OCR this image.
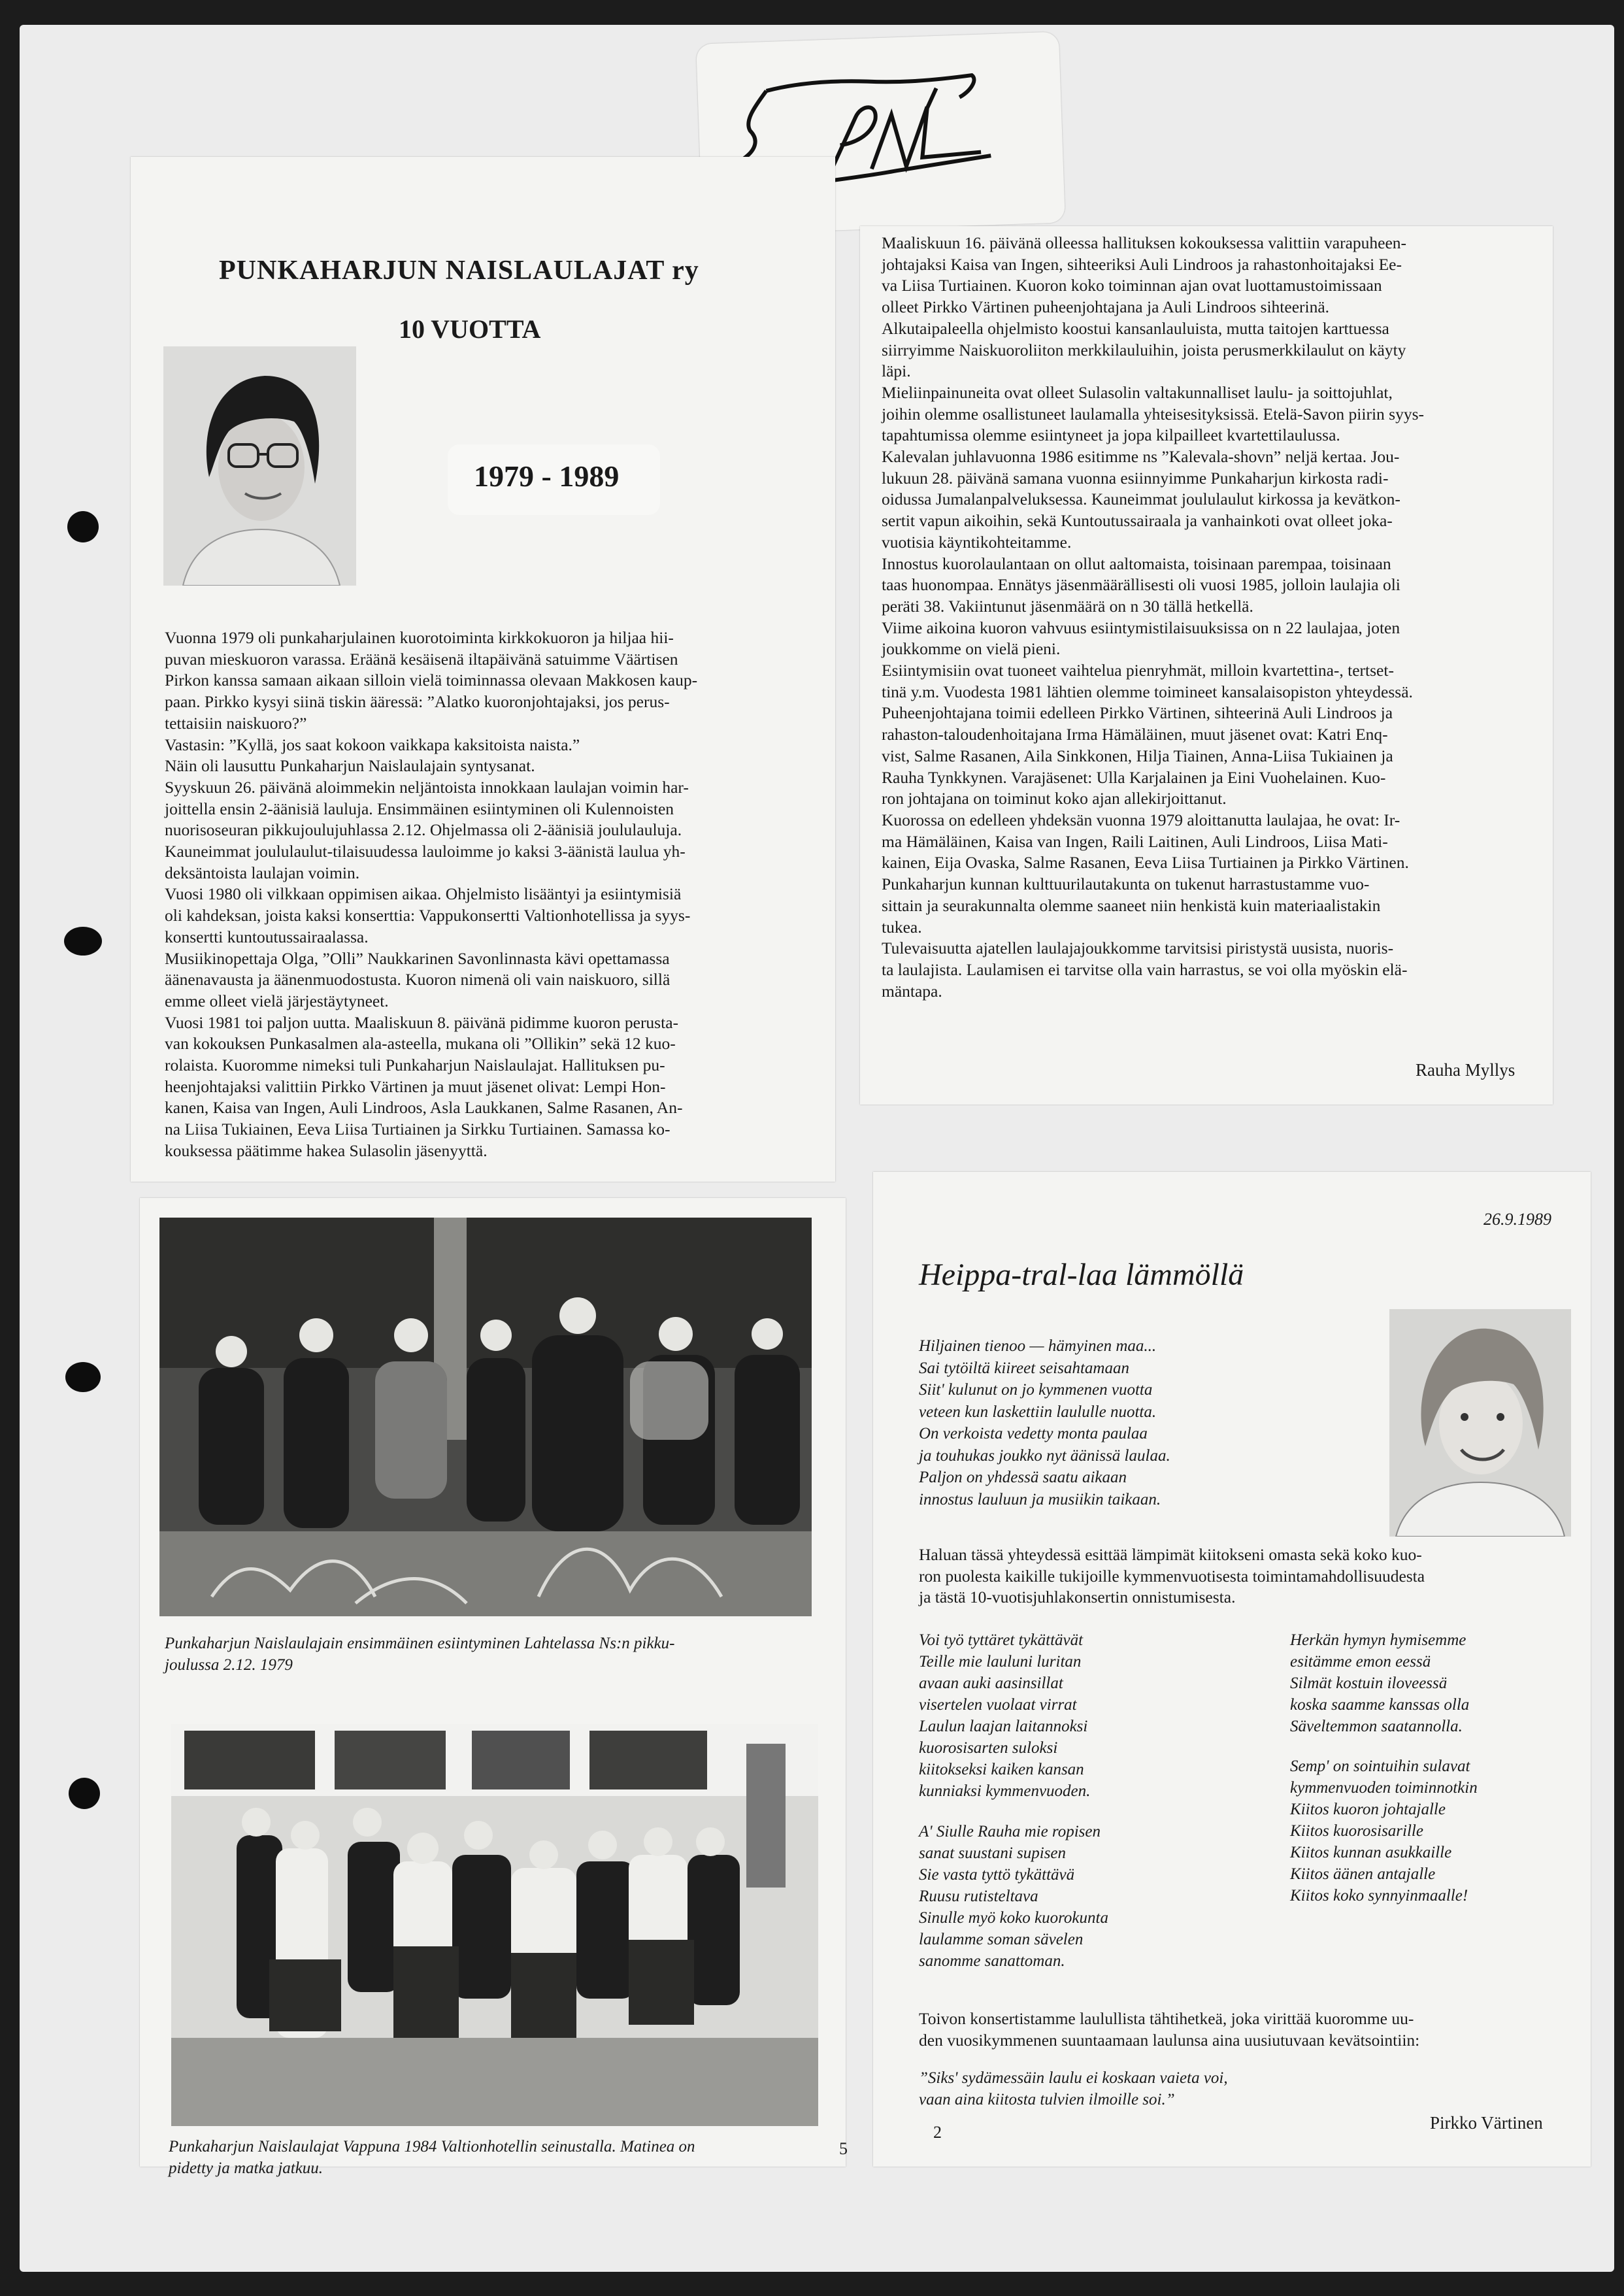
PUNKAHARJUN NAISLAULAJAT ry
10 VUOTTA
1979 - 1989
Vuonna 1979 oli punkaharjulainen kuorotoiminta kirkkokuoron ja hiljaa hii-
puvan mieskuoron varassa. Eräänä kesäisenä iltapäivänä satuimme Väärtisen
Pirkon kanssa samaan aikaan silloin vielä toiminnassa olevaan Makkosen kaup-
paan. Pirkko kysyi siinä tiskin ääressä: ”Alatko kuoronjohtajaksi, jos perus-
tettaisiin naiskuoro?”
Vastasin: ”Kyllä, jos saat kokoon vaikkapa kaksitoista naista.”
Näin oli lausuttu Punkaharjun Naislaulajain syntysanat.
Syyskuun 26. päivänä aloimmekin neljäntoista innokkaan laulajan voimin har-
joittella ensin 2-äänisiä lauluja. Ensimmäinen esiintyminen oli Kulennoisten
nuorisoseuran pikkujoulujuhlassa 2.12. Ohjelmassa oli 2-äänisiä joululauluja.
Kauneimmat joululaulut-tilaisuudessa lauloimme jo kaksi 3-äänistä laulua yh-
deksäntoista laulajan voimin.
Vuosi 1980 oli vilkkaan oppimisen aikaa. Ohjelmisto lisääntyi ja esiintymisiä
oli kahdeksan, joista kaksi konserttia: Vappukonsertti Valtionhotellissa ja syys-
konsertti kuntoutussairaalassa.
Musiikinopettaja Olga, ”Olli” Naukkarinen Savonlinnasta kävi opettamassa
äänenavausta ja äänenmuodostusta. Kuoron nimenä oli vain naiskuoro, sillä
emme olleet vielä järjestäytyneet.
Vuosi 1981 toi paljon uutta. Maaliskuun 8. päivänä pidimme kuoron perusta-
van kokouksen Punkasalmen ala-asteella, mukana oli ”Ollikin” sekä 12 kuo-
rolaista. Kuoromme nimeksi tuli Punkaharjun Naislaulajat. Hallituksen pu-
heenjohtajaksi valittiin Pirkko Värtinen ja muut jäsenet olivat: Lempi Hon-
kanen, Kaisa van Ingen, Auli Lindroos, Asla Laukkanen, Salme Rasanen, An-
na Liisa Tukiainen, Eeva Liisa Turtiainen ja Sirkku Turtiainen. Samassa ko-
kouksessa päätimme hakea Sulasolin jäsenyyttä.
Maaliskuun 16. päivänä olleessa hallituksen kokouksessa valittiin varapuheen-
johtajaksi Kaisa van Ingen, sihteeriksi Auli Lindroos ja rahastonhoitajaksi Ee-
va Liisa Turtiainen. Kuoron koko toiminnan ajan ovat luottamustoimissaan
olleet Pirkko Värtinen puheenjohtajana ja Auli Lindroos sihteerinä.
Alkutaipaleella ohjelmisto koostui kansanlauluista, mutta taitojen karttuessa
siirryimme Naiskuoroliiton merkkilauluihin, joista perusmerkkilaulut on käyty
läpi.
Mieliinpainuneita ovat olleet Sulasolin valtakunnalliset laulu- ja soittojuhlat,
joihin olemme osallistuneet laulamalla yhteisesityksissä. Etelä-Savon piirin syys-
tapahtumissa olemme esiintyneet ja jopa kilpailleet kvartettilaulussa.
Kalevalan juhlavuonna 1986 esitimme ns ”Kalevala-shovn” neljä kertaa. Jou-
lukuun 28. päivänä samana vuonna esiinnyimme Punkaharjun kirkosta radi-
oidussa Jumalanpalveluksessa. Kauneimmat joululaulut kirkossa ja kevätkon-
sertit vapun aikoihin, sekä Kuntoutussairaala ja vanhainkoti ovat olleet joka-
vuotisia käyntikohteitamme.
Innostus kuorolaulantaan on ollut aaltomaista, toisinaan parempaa, toisinaan
taas huonompaa. Ennätys jäsenmäärällisesti oli vuosi 1985, jolloin laulajia oli
peräti 38. Vakiintunut jäsenmäärä on n 30 tällä hetkellä.
Viime aikoina kuoron vahvuus esiintymistilaisuuksissa on n 22 laulajaa, joten
joukkomme on vielä pieni.
Esiintymisiin ovat tuoneet vaihtelua pienryhmät, milloin kvartettina-, tertset-
tinä y.m. Vuodesta 1981 lähtien olemme toimineet kansalaisopiston yhteydessä.
Puheenjohtajana toimii edelleen Pirkko Värtinen, sihteerinä Auli Lindroos ja
rahaston-taloudenhoitajana Irma Hämäläinen, muut jäsenet ovat: Katri Enq-
vist, Salme Rasanen, Aila Sinkkonen, Hilja Tiainen, Anna-Liisa Tukiainen ja
Rauha Tynkkynen. Varajäsenet: Ulla Karjalainen ja Eini Vuohelainen. Kuo-
ron johtajana on toiminut koko ajan allekirjoittanut.
Kuorossa on edelleen yhdeksän vuonna 1979 aloittanutta laulajaa, he ovat: Ir-
ma Hämäläinen, Kaisa van Ingen, Raili Laitinen, Auli Lindroos, Liisa Mati-
kainen, Eija Ovaska, Salme Rasanen, Eeva Liisa Turtiainen ja Pirkko Värtinen.
Punkaharjun kunnan kulttuurilautakunta on tukenut harrastustamme vuo-
sittain ja seurakunnalta olemme saaneet niin henkistä kuin materiaalistakin
tukea.
Tulevaisuutta ajatellen laulajajoukkomme tarvitsisi piristystä uusista, nuoris-
ta laulajista. Laulamisen ei tarvitse olla vain harrastus, se voi olla myöskin elä-
mäntapa.
Rauha Myllys
Punkaharjun Naislaulajain ensimmäinen esiintyminen Lahtelassa Ns:n pikku-
joulussa 2.12. 1979
Punkaharjun Naislaulajat Vappuna 1984 Valtionhotellin seinustalla. Matinea on
pidetty ja matka jatkuu.
5
26.9.1989
Heippa-tral-laa lämmöllä
Hiljainen tienoo — hämyinen maa...
Sai tytöiltä kiireet seisahtamaan
Siit' kulunut on jo kymmenen vuotta
veteen kun laskettiin laululle nuotta.
On verkoista vedetty monta paulaa
ja touhukas joukko nyt äänissä laulaa.
Paljon on yhdessä saatu aikaan
innostus lauluun ja musiikin taikaan.
Haluan tässä yhteydessä esittää lämpimät kiitokseni omasta sekä koko kuo-
ron puolesta kaikille tukijoille kymmenvuotisesta toimintamahdollisuudesta
ja tästä 10-vuotisjuhlakonsertin onnistumisesta.
Voi työ tyttäret tykättävät
Teille mie lauluni luritan
avaan auki aasinsillat
visertelen vuolaat virrat
Laulun laajan laitannoksi
kuorosisarten suloksi
kiitokseksi kaiken kansan
kunniaksi kymmenvuoden.
A' Siulle Rauha mie ropisen
sanat suustani supisen
Sie vasta tyttö tykättävä
Ruusu rutisteltava
Sinulle myö koko kuorokunta
laulamme soman sävelen
sanomme sanattoman.
Herkän hymyn hymisemme
esitämme emon eessä
Silmät kostuin iloveessä
koska saamme kanssas olla
Säveltemmon saatannolla.
Semp' on sointuihin sulavat
kymmenvuoden toiminnotkin
Kiitos kuoron johtajalle
Kiitos kuorosisarille
Kiitos kunnan asukkaille
Kiitos äänen antajalle
Kiitos koko synnyinmaalle!
Toivon konsertistamme laulullista tähtihetkeä, joka virittää kuoromme uu-
den vuosikymmenen suuntaamaan laulunsa aina uusiutuvaan kevätsointiin:
”Siks' sydämessäin laulu ei koskaan vaieta voi,
vaan aina kiitosta tulvien ilmoille soi.”
2	Pirkko Värtinen
